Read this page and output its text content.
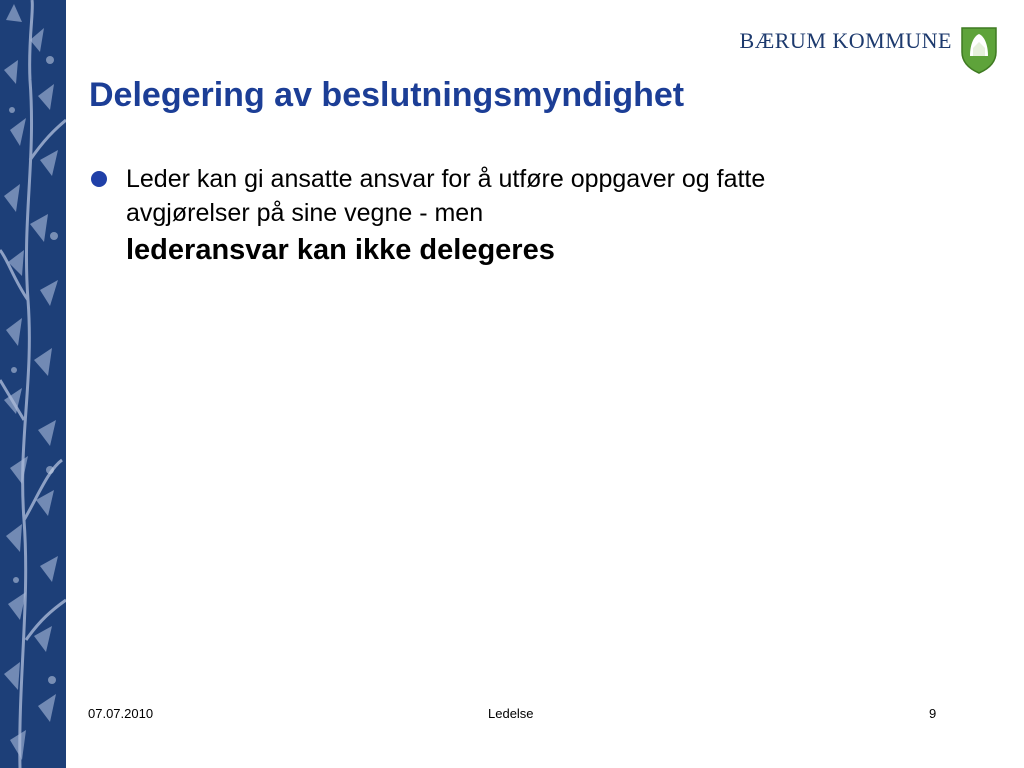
BÆRUM KOMMUNE
Delegering av beslutningsmyndighet
Leder kan gi ansatte ansvar for å utføre oppgaver og fatte
avgjørelser på sine vegne - men
lederansvar kan ikke delegeres
07.07.2010	Ledelse	9
